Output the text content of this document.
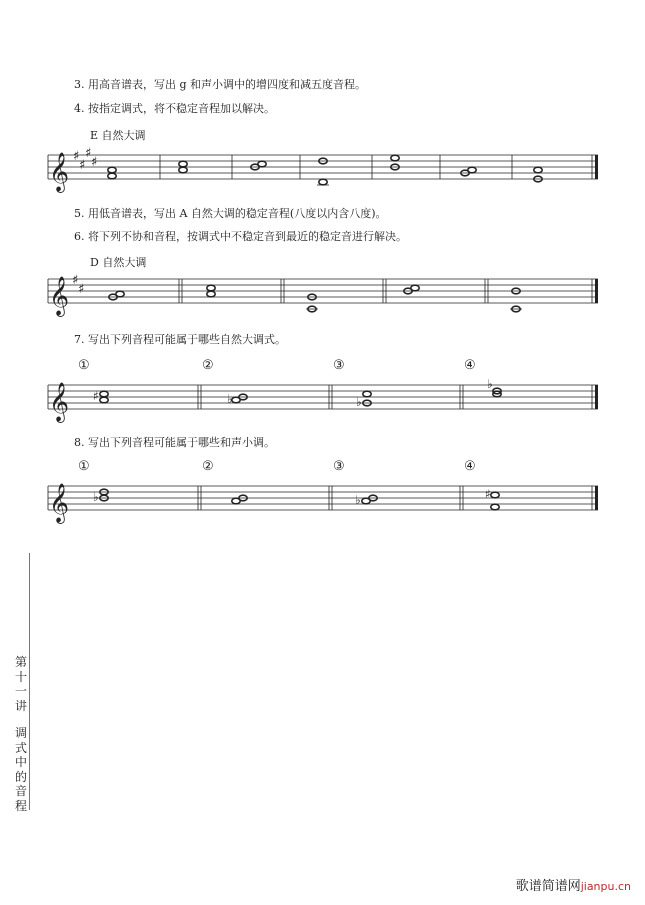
3. 用高音谱表，写出 g 和声小调中的增四度和减五度音程。
4. 按指定调式，将不稳定音程加以解决。
E 自然大调
𝄞 ♯
♯
♯
♯
5. 用低音谱表，写出 A 自然大调的稳定音程(八度以内含八度)。
6. 将下列不协和音程，按调式中不稳定音到最近的稳定音进行解决。
D 自然大调
𝄞 ♯
♯
7. 写出下列音程可能属于哪些自然大调式。
①	②	③	④
𝄞 ♯	♭	♭
♭
8. 写出下列音程可能属于哪些和声小调。
①	②	③	④
𝄞 ♭	♭	♯
第十一讲
调式中的音程
歌谱简谱网jianpu.cn
